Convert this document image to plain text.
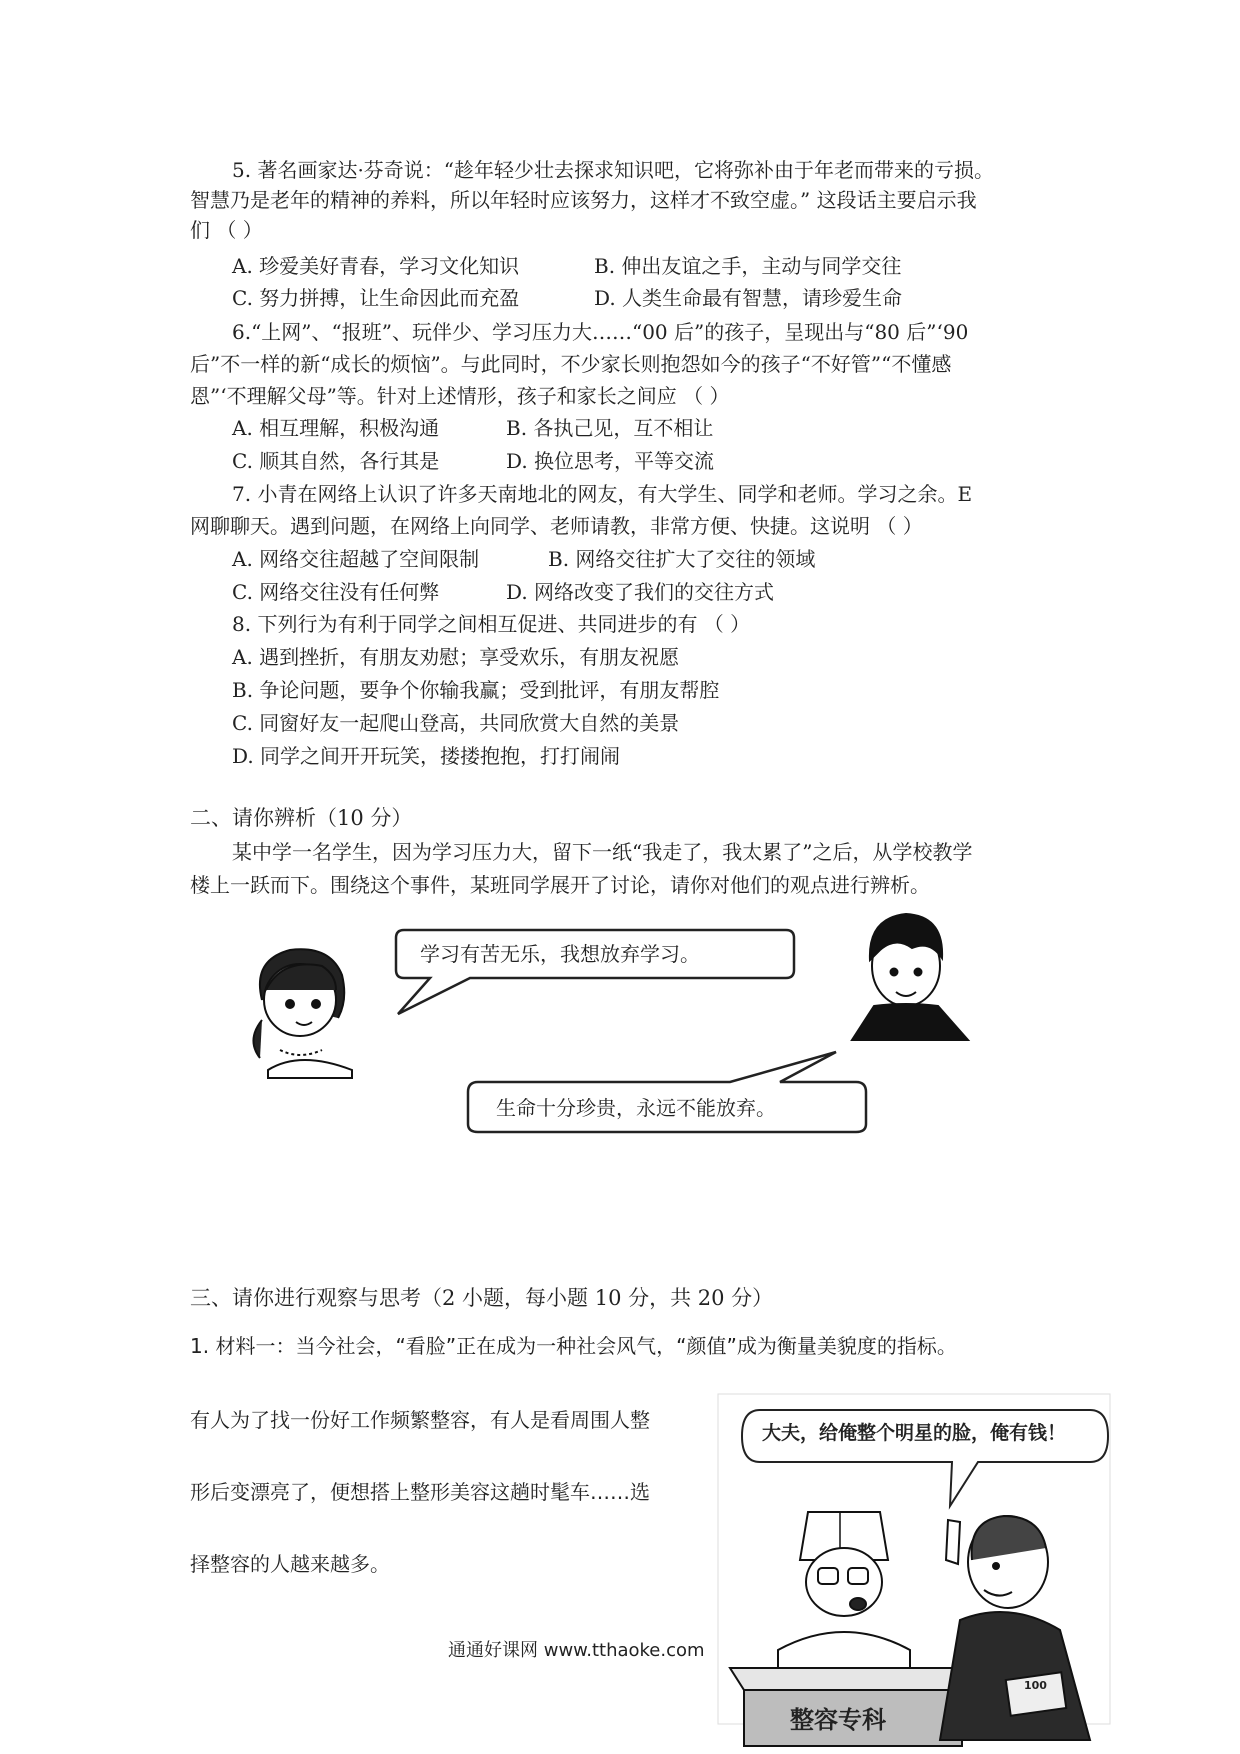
5. 著名画家达·芬奇说：“趁年轻少壮去探求知识吧，它将弥补由于年老而带来的亏损。
智慧乃是老年的精神的养料，所以年轻时应该努力，这样才不致空虚。” 这段话主要启示我
们 （ ）
A. 珍爱美好青春，学习文化知识	B. 伸出友谊之手，主动与同学交往
C. 努力拼搏，让生命因此而充盈	D. 人类生命最有智慧，请珍爱生命
6.“上网”、“报班”、玩伴少、学习压力大……“00 后”的孩子，呈现出与“80 后”‘90
后”不一样的新“成长的烦恼”。与此同时，不少家长则抱怨如今的孩子“不好管”“不懂感
恩”‘不理解父母”等。针对上述情形，孩子和家长之间应 （ ）
A. 相互理解，积极沟通	B. 各执己见，互不相让
C. 顺其自然，各行其是	D. 换位思考，平等交流
7. 小青在网络上认识了许多天南地北的网友，有大学生、同学和老师。学习之余。E
网聊聊天。遇到问题，在网络上向同学、老师请教，非常方便、快捷。这说明 （ ）
A. 网络交往超越了空间限制	B. 网络交往扩大了交往的领域
C. 网络交往没有任何弊	D. 网络改变了我们的交往方式
8. 下列行为有利于同学之间相互促进、共同进步的有 （ ）
A. 遇到挫折，有朋友劝慰；享受欢乐，有朋友祝愿
B. 争论问题，要争个你输我赢；受到批评，有朋友帮腔
C. 同窗好友一起爬山登高，共同欣赏大自然的美景
D. 同学之间开开玩笑，搂搂抱抱，打打闹闹
二、请你辨析（10 分）
某中学一名学生，因为学习压力大，留下一纸“我走了，我太累了”之后，从学校教学
楼上一跃而下。围绕这个事件，某班同学展开了讨论，请你对他们的观点进行辨析。
学习有苦无乐，我想放弃学习。
生命十分珍贵，永远不能放弃。
三、请你进行观察与思考（2 小题，每小题 10 分，共 20 分）
1. 材料一：当今社会，“看脸”正在成为一种社会风气，“颜值”成为衡量美貌度的指标。
有人为了找一份好工作频繁整容，有人是看周围人整
形后变漂亮了，便想搭上整形美容这趟时髦车……选
择整容的人越来越多。
大夫，给俺整个明星的脸，俺有钱！
整容专科
100
通通好课网 www.tthaoke.com
